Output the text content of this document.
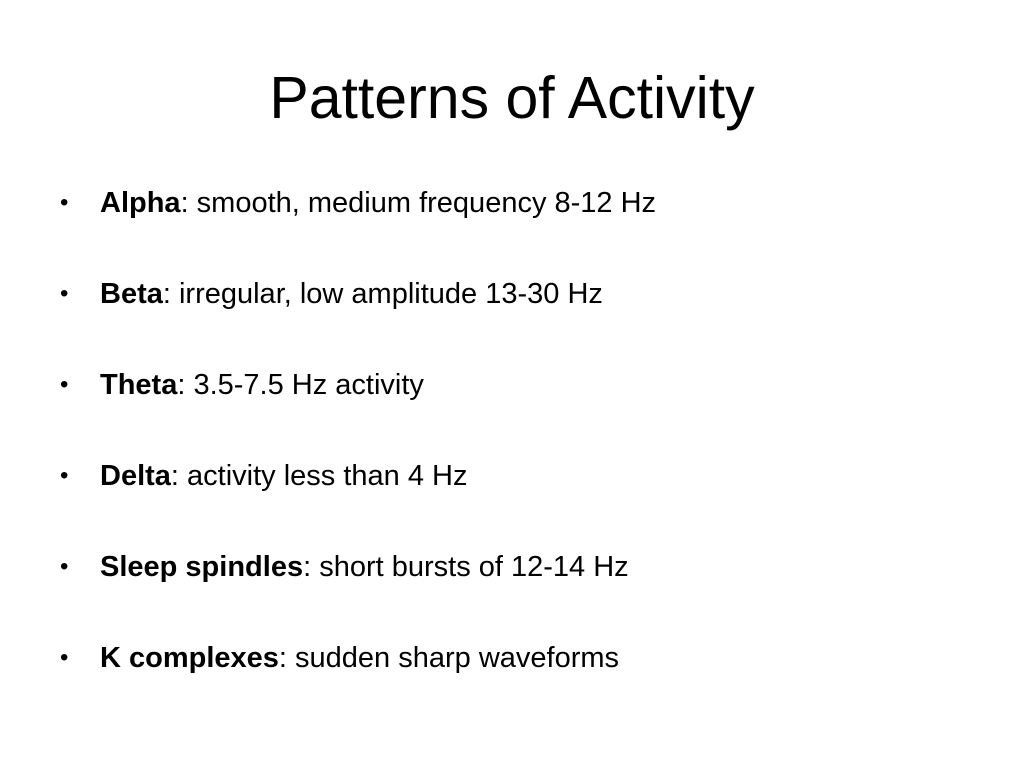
Patterns of Activity
•	Alpha: smooth, medium frequency 8-12 Hz
•	Beta: irregular, low amplitude 13-30 Hz
•	Theta: 3.5-7.5 Hz activity
•	Delta: activity less than 4 Hz
•	Sleep spindles: short bursts of 12-14 Hz
•	K complexes: sudden sharp waveforms
